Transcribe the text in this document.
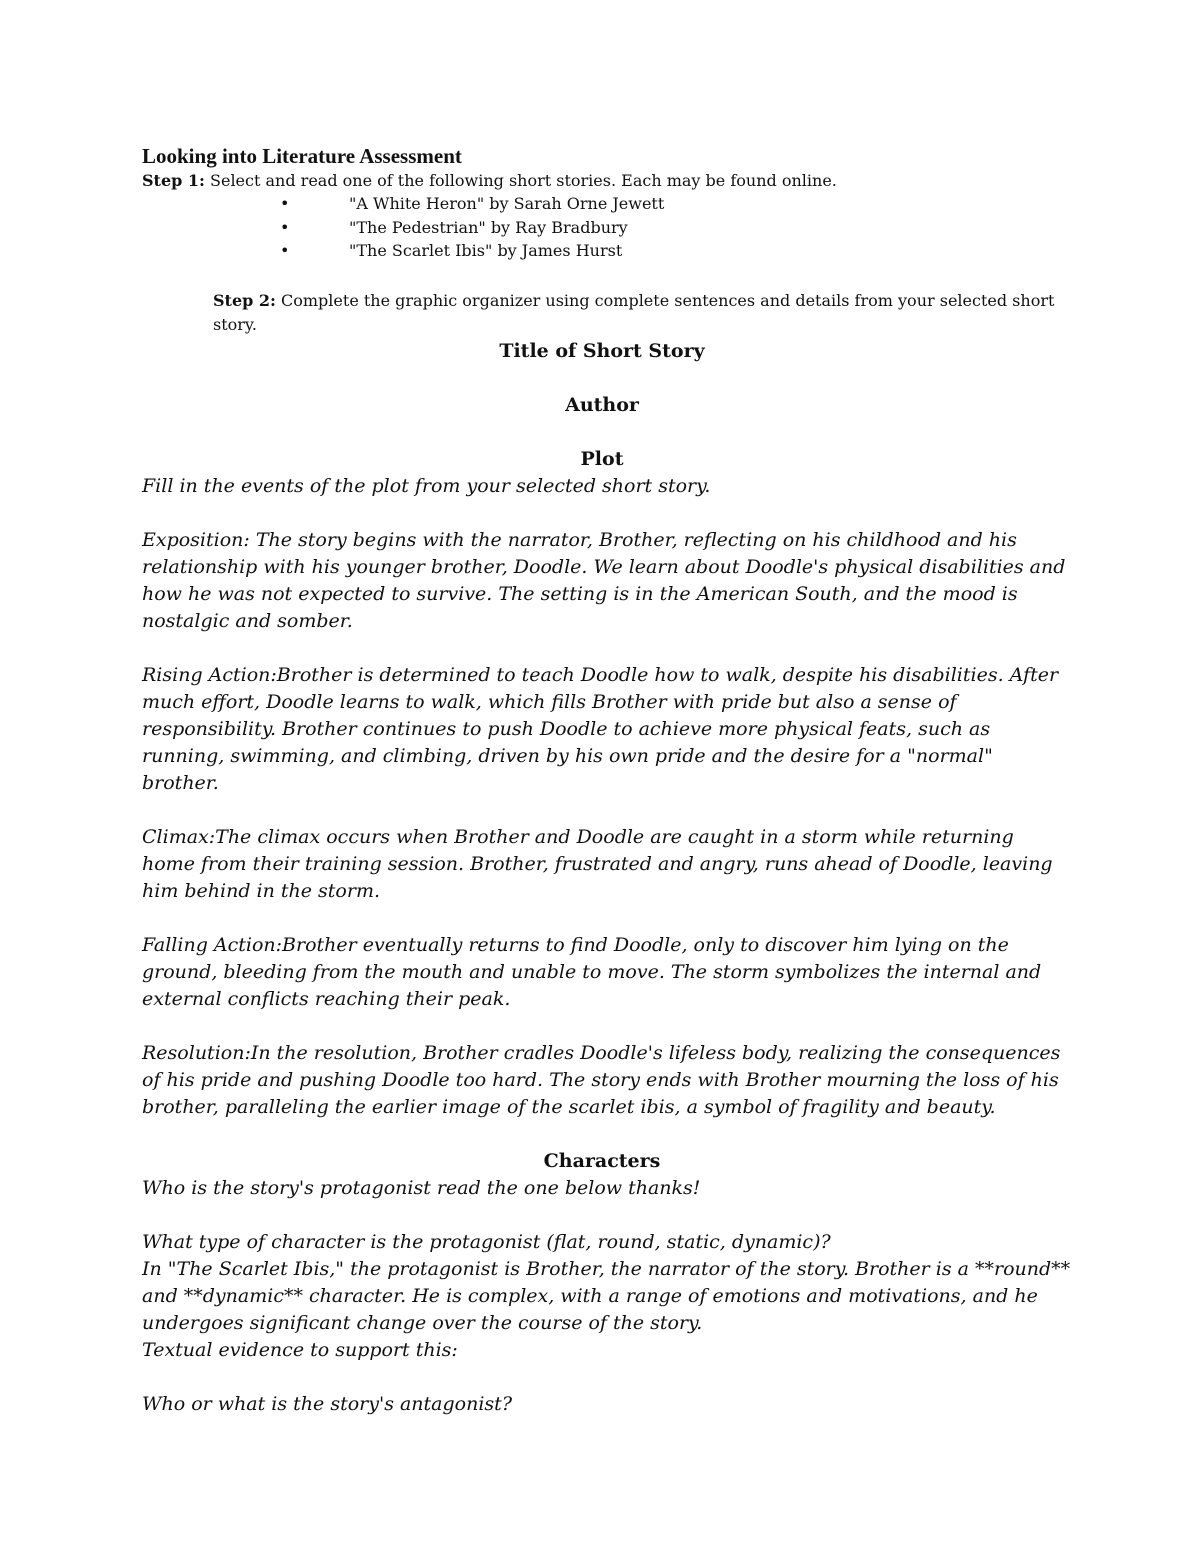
Looking into Literature Assessment

Step 1: Select and read one of the following short stories. Each may be found online.

•	"A White Heron" by Sarah Orne Jewett
•	"The Pedestrian" by Ray Bradbury
•	"The Scarlet Ibis" by James Hurst

Step 2: Complete the graphic organizer using complete sentences and details from your selected short story.

Title of Short Story

Author

Plot

Fill in the events of the plot from your selected short story.

Exposition: The story begins with the narrator, Brother, reflecting on his childhood and his relationship with his younger brother, Doodle. We learn about Doodle's physical disabilities and how he was not expected to survive. The setting is in the American South, and the mood is nostalgic and somber.

Rising Action:Brother is determined to teach Doodle how to walk, despite his disabilities. After much effort, Doodle learns to walk, which fills Brother with pride but also a sense of responsibility. Brother continues to push Doodle to achieve more physical feats, such as running, swimming, and climbing, driven by his own pride and the desire for a "normal" brother.

Climax:The climax occurs when Brother and Doodle are caught in a storm while returning home from their training session. Brother, frustrated and angry, runs ahead of Doodle, leaving him behind in the storm.

Falling Action:Brother eventually returns to find Doodle, only to discover him lying on the ground, bleeding from the mouth and unable to move. The storm symbolizes the internal and external conflicts reaching their peak.

Resolution:In the resolution, Brother cradles Doodle's lifeless body, realizing the consequences of his pride and pushing Doodle too hard. The story ends with Brother mourning the loss of his brother, paralleling the earlier image of the scarlet ibis, a symbol of fragility and beauty.

Characters

Who is the story's protagonist read the one below thanks!

What type of character is the protagonist (flat, round, static, dynamic)?

In "The Scarlet Ibis," the protagonist is Brother, the narrator of the story. Brother is a **round** and **dynamic** character. He is complex, with a range of emotions and motivations, and he undergoes significant change over the course of the story.

Textual evidence to support this:

Who or what is the story's antagonist?
